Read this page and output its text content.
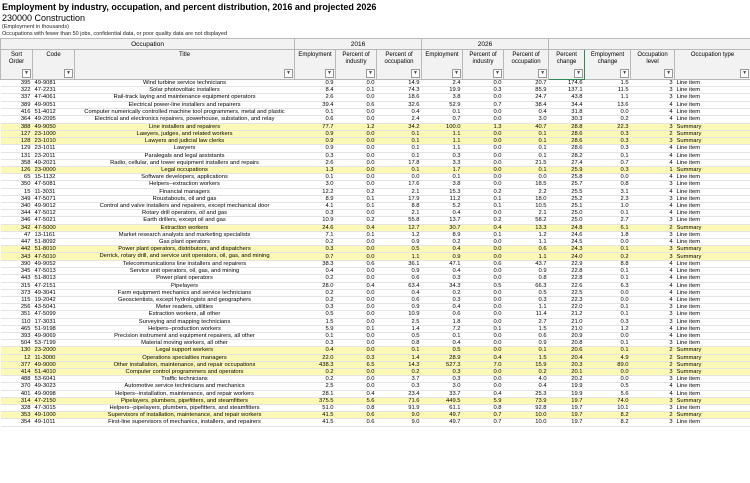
Employment by industry, occupation, and percent distribution, 2016 and projected 2026
230000 Construction
(Employment in thousands)
Occupations with fewer than 50 jobs, confidential data, or poor quality data are not displayed
Occupation			2016			2026						

Sort Order
▼	Code
▼	Title
▼	Employment
▼	Percent of industry
▼	Percent of occupation
▼	Employment
▼	Percent of industry
▼	Percent of occupation
▼	Percent change
▼	Employment change
▼	Occupation level
▼	Occupation type
▼

395	49-9081	Wind turbine service technicians	0.9	0.0	14.9	2.4	0.0	20.7	174.6	1.5	3	Line item
322	47-2231	Solar photovoltaic installers	8.4	0.1	74.3	19.9	0.3	85.9	137.1	11.5	3	Line item
337	47-4061	Rail-track laying and maintenance equipment operators	2.6	0.0	18.6	3.8	0.0	24.7	43.8	1.1	3	Line item
389	49-9051	Electrical power-line installers and repairers	39.4	0.6	32.6	52.9	0.7	38.4	34.4	13.6	4	Line item
416	51-4012	Computer numerically controlled machine tool programmers, metal and plastic	0.1	0.0	0.4	0.1	0.0	0.4	31.8	0.0	4	Line item
364	49-2095	Electrical and electronics repairers, powerhouse, substation, and relay	0.6	0.0	2.4	0.7	0.0	3.0	30.3	0.2	4	Line item
388	49-9050	Line installers and repairers	77.7	1.2	34.2	100.0	1.3	40.7	28.8	22.3	3	Summary
127	23-1000	Lawyers, judges, and related workers	0.9	0.0	0.1	1.1	0.0	0.1	28.6	0.3	2	Summary
128	23-1010	Lawyers and judicial law clerks	0.9	0.0	0.1	1.1	0.0	0.1	28.6	0.3	3	Summary
129	23-1011	Lawyers	0.9	0.0	0.1	1.1	0.0	0.1	28.6	0.3	4	Line item
131	23-2011	Paralegals and legal assistants	0.3	0.0	0.1	0.3	0.0	0.1	28.2	0.1	4	Line item
358	49-2021	Radio, cellular, and tower equipment installers and repairs	2.6	0.0	17.8	3.3	0.0	21.5	27.4	0.7	4	Line item
126	23-0000	Legal occupations	1.3	0.0	0.1	1.7	0.0	0.1	25.9	0.3	1	Summary
65	15-1132	Software developers, applications	0.1	0.0	0.0	0.1	0.0	0.0	25.8	0.0	4	Line item
350	47-5081	Helpers--extraction workers	3.0	0.0	17.6	3.8	0.0	18.5	25.7	0.8	3	Line item
15	11-3031	Financial managers	12.2	0.2	2.1	15.3	0.2	2.2	25.5	3.1	4	Line item
349	47-5071	Roustabouts, oil and gas	8.9	0.1	17.9	11.2	0.1	18.0	25.2	2.3	3	Line item
340	49-9012	Control and valve installers and repairers, except mechanical door	4.1	0.1	8.8	5.2	0.1	10.5	25.1	1.0	4	Line item
344	47-5012	Rotary drill operators, oil and gas	0.3	0.0	2.1	0.4	0.0	2.1	25.0	0.1	4	Line item
346	47-5021	Earth drillers, except oil and gas	10.9	0.2	55.8	13.7	0.2	58.2	25.0	2.7	3	Line item
342	47-5000	Extraction workers	24.6	0.4	12.7	30.7	0.4	13.3	24.8	6.1	2	Summary
47	13-1161	Market research analysts and marketing specialists	7.1	0.1	1.2	8.9	0.1	1.2	24.6	1.8	3	Line item
447	51-8092	Gas plant operators	0.2	0.0	0.9	0.2	0.0	1.1	24.5	0.0	4	Line item
442	51-8010	Power plant operators, distributors, and dispatchers	0.3	0.0	0.5	0.4	0.0	0.6	24.3	0.1	3	Summary
343	47-5010	Derrick, rotary drill, and service unit operators, oil, gas, and mining	0.7	0.0	1.1	0.9	0.0	1.1	24.0	0.2	3	Summary
390	49-9052	Telecommunications line installers and repairers	38.3	0.6	36.1	47.1	0.6	43.7	22.9	8.8	4	Line item
345	47-5013	Service unit operators, oil, gas, and mining	0.4	0.0	0.9	0.4	0.0	0.9	22.8	0.1	4	Line item
443	51-8013	Power plant operators	0.2	0.0	0.6	0.3	0.0	0.8	22.8	0.1	4	Line item
315	47-2151	Pipelayers	28.0	0.4	63.4	34.3	0.5	66.3	22.6	6.3	4	Line item
373	49-3041	Farm equipment mechanics and service technicians	0.2	0.0	0.4	0.2	0.0	0.5	22.5	0.0	4	Line item
115	19-2042	Geoscientists, except hydrologists and geographers	0.2	0.0	0.6	0.3	0.0	0.3	22.3	0.0	4	Line item
256	43-5041	Meter readers, utilities	0.3	0.0	0.9	0.4	0.0	1.1	22.0	0.1	3	Line item
351	47-5099	Extraction workers, all other	0.5	0.0	10.9	0.6	0.0	11.4	21.2	0.1	3	Line item
110	17-3031	Surveying and mapping technicians	1.5	0.0	2.5	1.8	0.0	2.7	21.0	0.3	3	Line item
465	51-9198	Helpers--production workers	5.9	0.1	1.4	7.2	0.1	1.5	21.0	1.2	4	Line item
393	49-9069	Precision instrument and equipment repairers, all other	0.1	0.0	0.5	0.1	0.0	0.6	20.9	0.0	4	Line item
504	53-7199	Material moving workers, all other	0.3	0.0	0.8	0.4	0.0	0.9	20.8	0.1	3	Line item
130	23-2000	Legal support workers	0.4	0.0	0.1	0.5	0.0	0.1	20.6	0.1	2	Summary
12	11-3000	Operations specialties managers	22.0	0.3	1.4	28.9	0.4	1.5	20.4	4.9	2	Summary
377	49-9000	Other installation, maintenance, and repair occupations	438.3	6.5	14.3	527.3	7.0	15.9	20.3	89.0	2	Summary
414	51-4010	Computer control programmers and operators	0.2	0.0	0.2	0.3	0.0	0.2	20.1	0.0	3	Summary
488	53-6041	Traffic technicians	0.2	0.0	3.7	0.3	0.0	4.0	20.2	0.0	3	Line item
370	49-3023	Automotive service technicians and mechanics	2.5	0.0	0.3	3.0	0.0	0.4	19.9	0.5	4	Line item
401	49-9098	Helpers--installation, maintenance, and repair workers	28.1	0.4	23.4	33.7	0.4	25.3	19.9	5.6	4	Line item
314	47-2150	Pipelayers, plumbers, pipefitters, and steamfitters	375.5	5.6	71.6	449.5	5.9	73.9	19.7	74.0	3	Summary
328	47-3015	Helpers--pipelayers, plumbers, pipefitters, and steamfitters	51.0	0.8	91.9	61.1	0.8	92.8	19.7	10.1	3	Line item
353	49-1000	Supervisors of installation, maintenance, and repair workers	41.5	0.6	9.0	49.7	0.7	10.0	19.7	8.2	2	Summary
354	49-1011	First-line supervisors of mechanics, installers, and repairers	41.5	0.6	9.0	49.7	0.7	10.0	19.7	8.2	3	Line item
